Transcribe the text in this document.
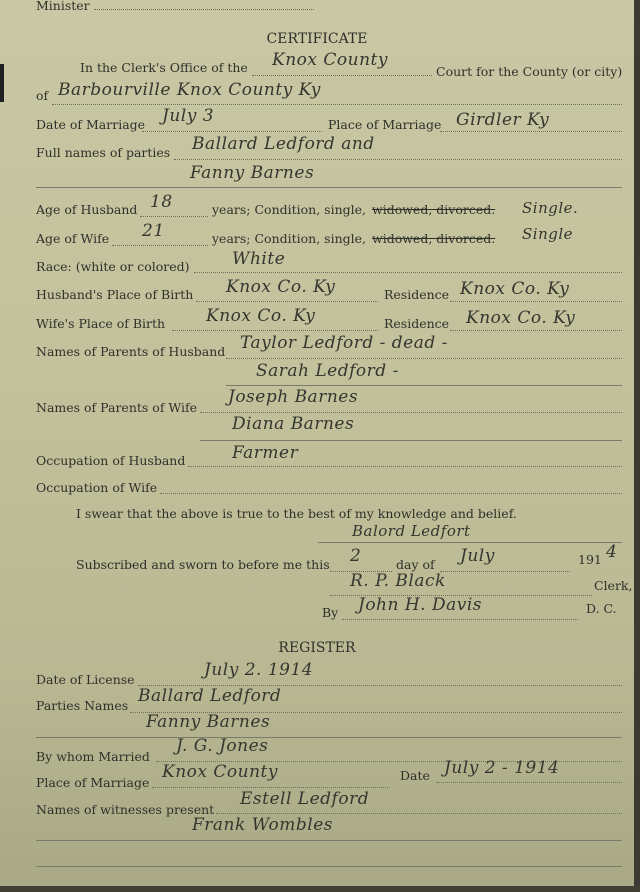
Minister
CERTIFICATE
In the Clerk's Office of the Knox County
Court for the County (or city)
of Barbourville Knox County Ky
Date of Marriage July 3	Place of Marriage Girdler Ky
Full names of parties Ballard Ledford and
Fanny Barnes
Age of Husband 18	years; Condition, single, widowed, divorced. Single.
Age of Wife 21	years; Condition, single, widowed, divorced. Single
Race: (white or colored) White
Husband's Place of Birth Knox Co. Ky	Residence Knox Co. Ky
Wife's Place of Birth Knox Co. Ky	Residence Knox Co. Ky
Names of Parents of Husband Taylor Ledford - dead -
Sarah Ledford -
Names of Parents of Wife
Joseph Barnes
Diana Barnes
Occupation of Husband	Farmer
Occupation of Wife
I swear that the above is true to the best of my knowledge and belief.
Balord Ledfort
Subscribed and sworn to before me this 2	day of July	191 4
R. P. Black	Clerk,
By John H. Davis	D. C.
REGISTER
Date of License	July 2. 1914
Parties Names Ballard Ledford
Fanny Barnes
By whom Married
J. G. Jones
Place of Marriage
Knox County	Date July 2 - 1914
Names of witnesses present
Estell Ledford
Frank Wombles
